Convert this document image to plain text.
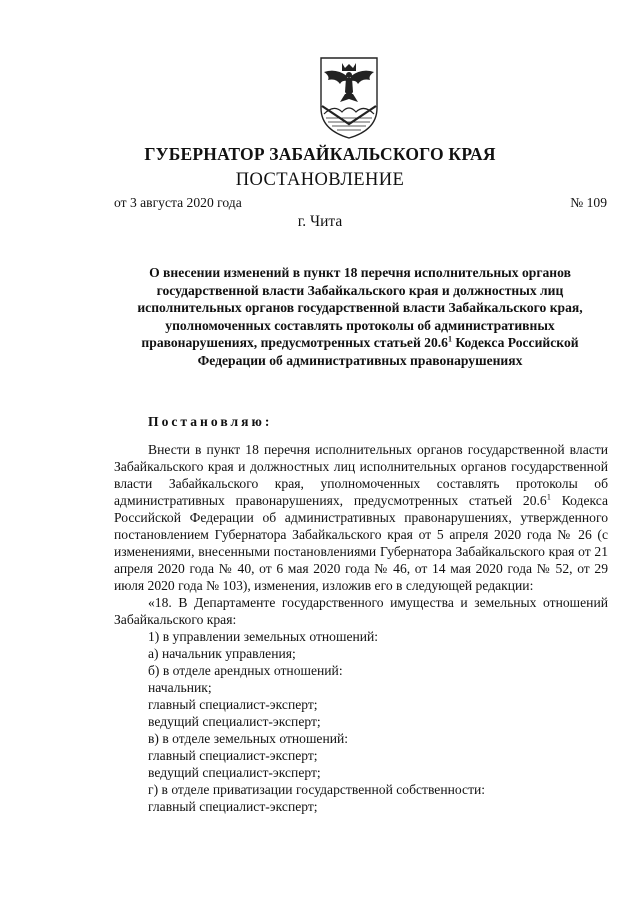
ГУБЕРНАТОР ЗАБАЙКАЛЬСКОГО КРАЯ
ПОСТАНОВЛЕНИЕ
от 3 августа 2020 года	№ 109
г. Чита
О внесении изменений в пункт 18 перечня исполнительных органов государственной власти Забайкальского края и должностных лиц исполнительных органов государственной власти Забайкальского края, уполномоченных составлять протоколы об административных правонарушениях, предусмотренных статьей 20.6$^1$ Кодекса Российской Федерации об административных правонарушениях
Постановляю:

Внести в пункт 18 перечня исполнительных органов государственной власти Забайкальского края и должностных лиц исполнительных органов государственной власти Забайкальского края, уполномоченных составлять протоколы об административных правонарушениях, предусмотренных статьей 20.6$^1$ Кодекса Российской Федерации об административных правонарушениях, утвержденного постановлением Губернатора Забайкальского края от 5 апреля 2020 года № 26 (с изменениями, внесенными постановлениями Губернатора Забайкальского края от 21 апреля 2020 года № 40, от 6 мая 2020 года № 46, от 14 мая 2020 года № 52, от 29 июля 2020 года № 103), изменения, изложив его в следующей редакции:

«18. В Департаменте государственного имущества и земельных отношений Забайкальского края:

1) в управлении земельных отношений:

а) начальник управления;

б) в отделе арендных отношений:

начальник;

главный специалист-эксперт;

ведущий специалист-эксперт;

в) в отделе земельных отношений:

главный специалист-эксперт;

ведущий специалист-эксперт;

г) в отделе приватизации государственной собственности:

главный специалист-эксперт;
